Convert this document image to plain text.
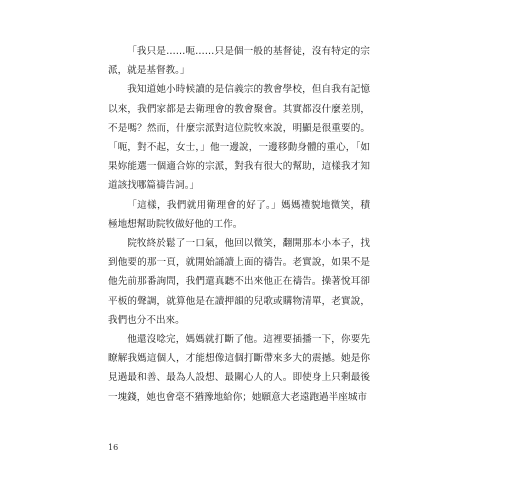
「我只是……呃……只是個一般的基督徒，沒有特定的宗派，就是基督教。」

我知道她小時候讀的是信義宗的教會學校，但自我有記憶以來，我們家都是去衛理會的教會聚會。其實都沒什麼差別，不是嗎？然而，什麼宗派對這位院牧來說，明顯是很重要的。「呃，對不起，女士，」他一邊說，一邊移動身體的重心，「如果妳能選一個適合妳的宗派，對我有很大的幫助，這樣我才知道該找哪篇禱告詞。」

「這樣，我們就用衛理會的好了。」媽媽禮貌地微笑，積極地想幫助院牧做好他的工作。

院牧終於鬆了一口氣，他回以微笑，翻開那本小本子，找到他要的那一頁，就開始誦讀上面的禱告。老實說，如果不是他先前那番詢問，我們還真聽不出來他正在禱告。操著悅耳卻平板的聲調，就算他是在讀押韻的兒歌或購物清單，老實說，我們也分不出來。

他還沒唸完，媽媽就打斷了他。這裡要插播一下，你要先瞭解我媽這個人，才能想像這個打斷帶來多大的震撼。她是你見過最和善、最為人設想、最關心人的人。即使身上只剩最後一塊錢，她也會毫不猶豫地給你；她願意大老遠跑過半座城市

16
